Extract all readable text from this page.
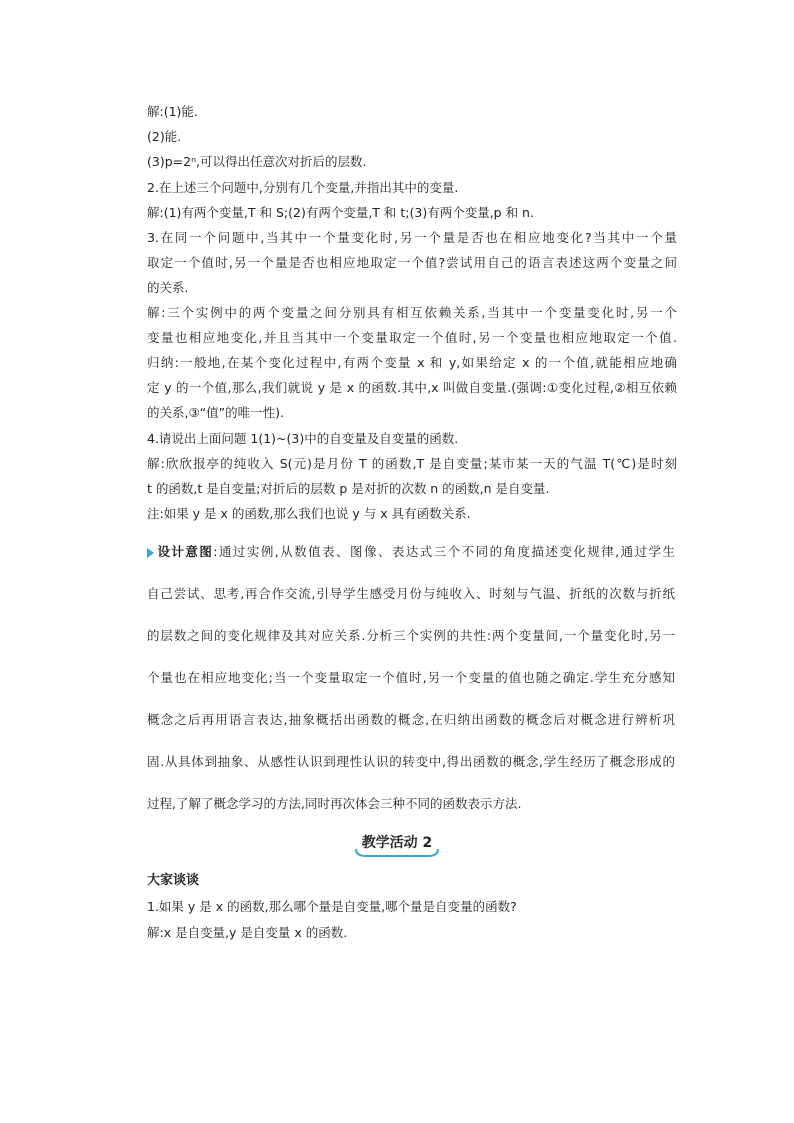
解:(1)能.
(2)能.
(3)p=2ⁿ,可以得出任意次对折后的层数.
2.在上述三个问题中,分别有几个变量,并指出其中的变量.
解:(1)有两个变量,T 和 S;(2)有两个变量,T 和 t;(3)有两个变量,p 和 n.
3.在同一个问题中,当其中一个量变化时,另一个量是否也在相应地变化?当其中一个量
取定一个值时,另一个量是否也相应地取定一个值?尝试用自己的语言表述这两个变量之间
的关系.
解:三个实例中的两个变量之间分别具有相互依赖关系,当其中一个变量变化时,另一个
变量也相应地变化,并且当其中一个变量取定一个值时,另一个变量也相应地取定一个值.
归纳:一般地,在某个变化过程中,有两个变量 x 和 y,如果给定 x 的一个值,就能相应地确
定 y 的一个值,那么,我们就说 y 是 x 的函数.其中,x 叫做自变量.(强调:①变化过程,②相互依赖
的关系,③“值”的唯一性).
4.请说出上面问题 1(1)~(3)中的自变量及自变量的函数.
解:欣欣报亭的纯收入 S(元)是月份 T 的函数,T 是自变量;某市某一天的气温 T(℃)是时刻
t 的函数,t 是自变量;对折后的层数 p 是对折的次数 n 的函数,n 是自变量.
注:如果 y 是 x 的函数,那么我们也说 y 与 x 具有函数关系.
设计意图:通过实例,从数值表、图像、表达式三个不同的角度描述变化规律,通过学生
自己尝试、思考,再合作交流,引导学生感受月份与纯收入、时刻与气温、折纸的次数与折纸
的层数之间的变化规律及其对应关系.分析三个实例的共性:两个变量间,一个量变化时,另一
个量也在相应地变化;当一个变量取定一个值时,另一个变量的值也随之确定.学生充分感知
概念之后再用语言表达,抽象概括出函数的概念,在归纳出函数的概念后对概念进行辨析巩
固.从具体到抽象、从感性认识到理性认识的转变中,得出函数的概念,学生经历了概念形成的
过程,了解了概念学习的方法,同时再次体会三种不同的函数表示方法.
教学活动 2
大家谈谈
1.如果 y 是 x 的函数,那么哪个量是自变量,哪个量是自变量的函数?
解:x 是自变量,y 是自变量 x 的函数.
